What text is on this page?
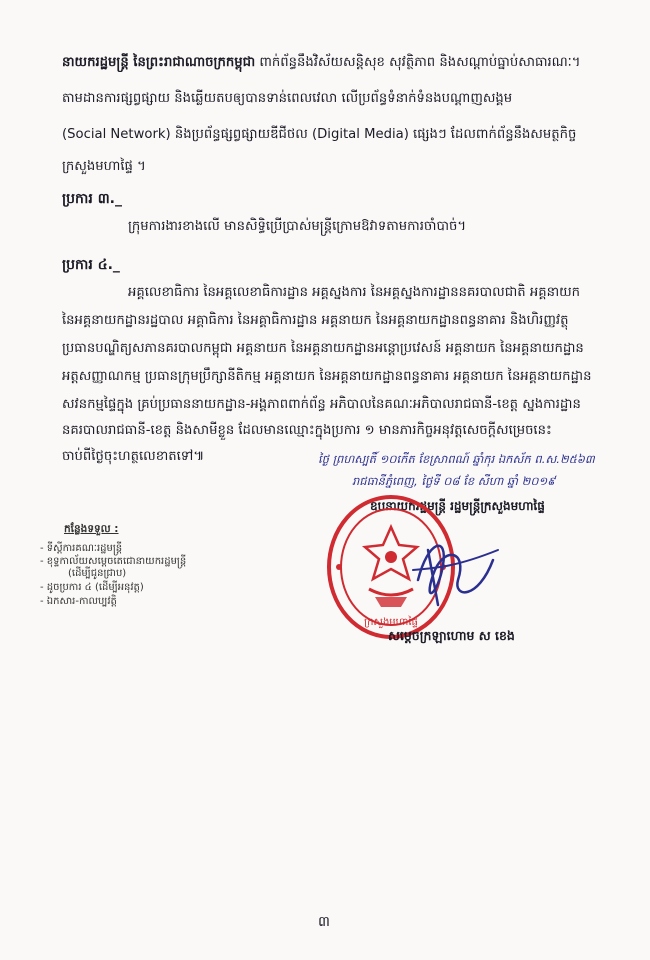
នាយករដ្ឋមន្ត្រី នៃព្រះរាជាណាចក្រកម្ពុជា ពាក់ព័ន្ធនឹងវិស័យសន្តិសុខ សុវត្ថិភាព និងសណ្តាប់ធ្នាប់សាធារណៈ។
តាមដានការផ្សព្វផ្សាយ និងឆ្លើយតបឲ្យបានទាន់ពេលវេលា លើប្រព័ន្ធទំនាក់ទំនងបណ្តាញសង្គម
(Social Network) និងប្រព័ន្ធផ្សព្វផ្សាយឌីជីថល (Digital Media) ផ្សេងៗ ដែលពាក់ព័ន្ធនឹងសមត្ថកិច្ច
ក្រសួងមហាផ្ទៃ ។
ប្រការ ៣._
ក្រុមការងារខាងលើ មានសិទ្ធិប្រើប្រាស់មន្ត្រីក្រោមឱវាទតាមការចាំបាច់។
ប្រការ ៤._
អគ្គលេខាធិការ នៃអគ្គលេខាធិការដ្ឋាន អគ្គស្នងការ នៃអគ្គស្នងការដ្ឋាននគរបាលជាតិ អគ្គនាយក
នៃអគ្គនាយកដ្ឋានរដ្ឋបាល អគ្គាធិការ នៃអគ្គាធិការដ្ឋាន អគ្គនាយក នៃអគ្គនាយកដ្ឋានពន្ធនាគារ និងហិរញ្ញវត្ថុ
ប្រធានបណ្ឌិត្យសភានគរបាលកម្ពុជា អគ្គនាយក នៃអគ្គនាយកដ្ឋានអន្តោប្រវេសន៍ អគ្គនាយក នៃអគ្គនាយកដ្ឋាន
អត្តសញ្ញាណកម្ម ប្រធានក្រុមប្រឹក្សានីតិកម្ម អគ្គនាយក នៃអគ្គនាយកដ្ឋានពន្ធនាគារ អគ្គនាយក នៃអគ្គនាយកដ្ឋាន
សវនកម្មផ្ទៃក្នុង គ្រប់ប្រធាននាយកដ្ឋាន-អង្គភាពពាក់ព័ន្ធ អភិបាលនៃគណៈអភិបាលរាជធានី-ខេត្ត ស្នងការដ្ឋាន
នគរបាលរាជធានី-ខេត្ត និងសាមីខ្លួន ដែលមានឈ្មោះក្នុងប្រការ ១ មានភារកិច្ចអនុវត្តសេចក្តីសម្រេចនេះ
ចាប់ពីថ្ងៃចុះហត្ថលេខាតទៅ៕	ថ្ងៃ ព្រហស្បតិ៍ ១០កើត ខែស្រាពណ៍ ឆ្នាំកុរ ឯកស័ក ព.ស.២៥៦៣
រាជធានីភ្នំពេញ, ថ្ងៃទី ០៨ ខែ សីហា ឆ្នាំ ២០១៩
ឧបនាយករដ្ឋមន្ត្រី រដ្ឋមន្ត្រីក្រសួងមហាផ្ទៃ
ក្រសួងមហាផ្ទៃ
សម្តេចក្រឡាហោម ស ខេង
កន្លែងទទួល :
- ទីស្តីការគណៈរដ្ឋមន្ត្រី
- ខុទ្ទកាល័យសម្តេចតេជោនាយករដ្ឋមន្ត្រី
(ដើម្បីជូនជ្រាប)
- ដូចប្រការ ៤ (ដើម្បីអនុវត្ត)
- ឯកសារ-កាលប្បវត្តិ
៣
